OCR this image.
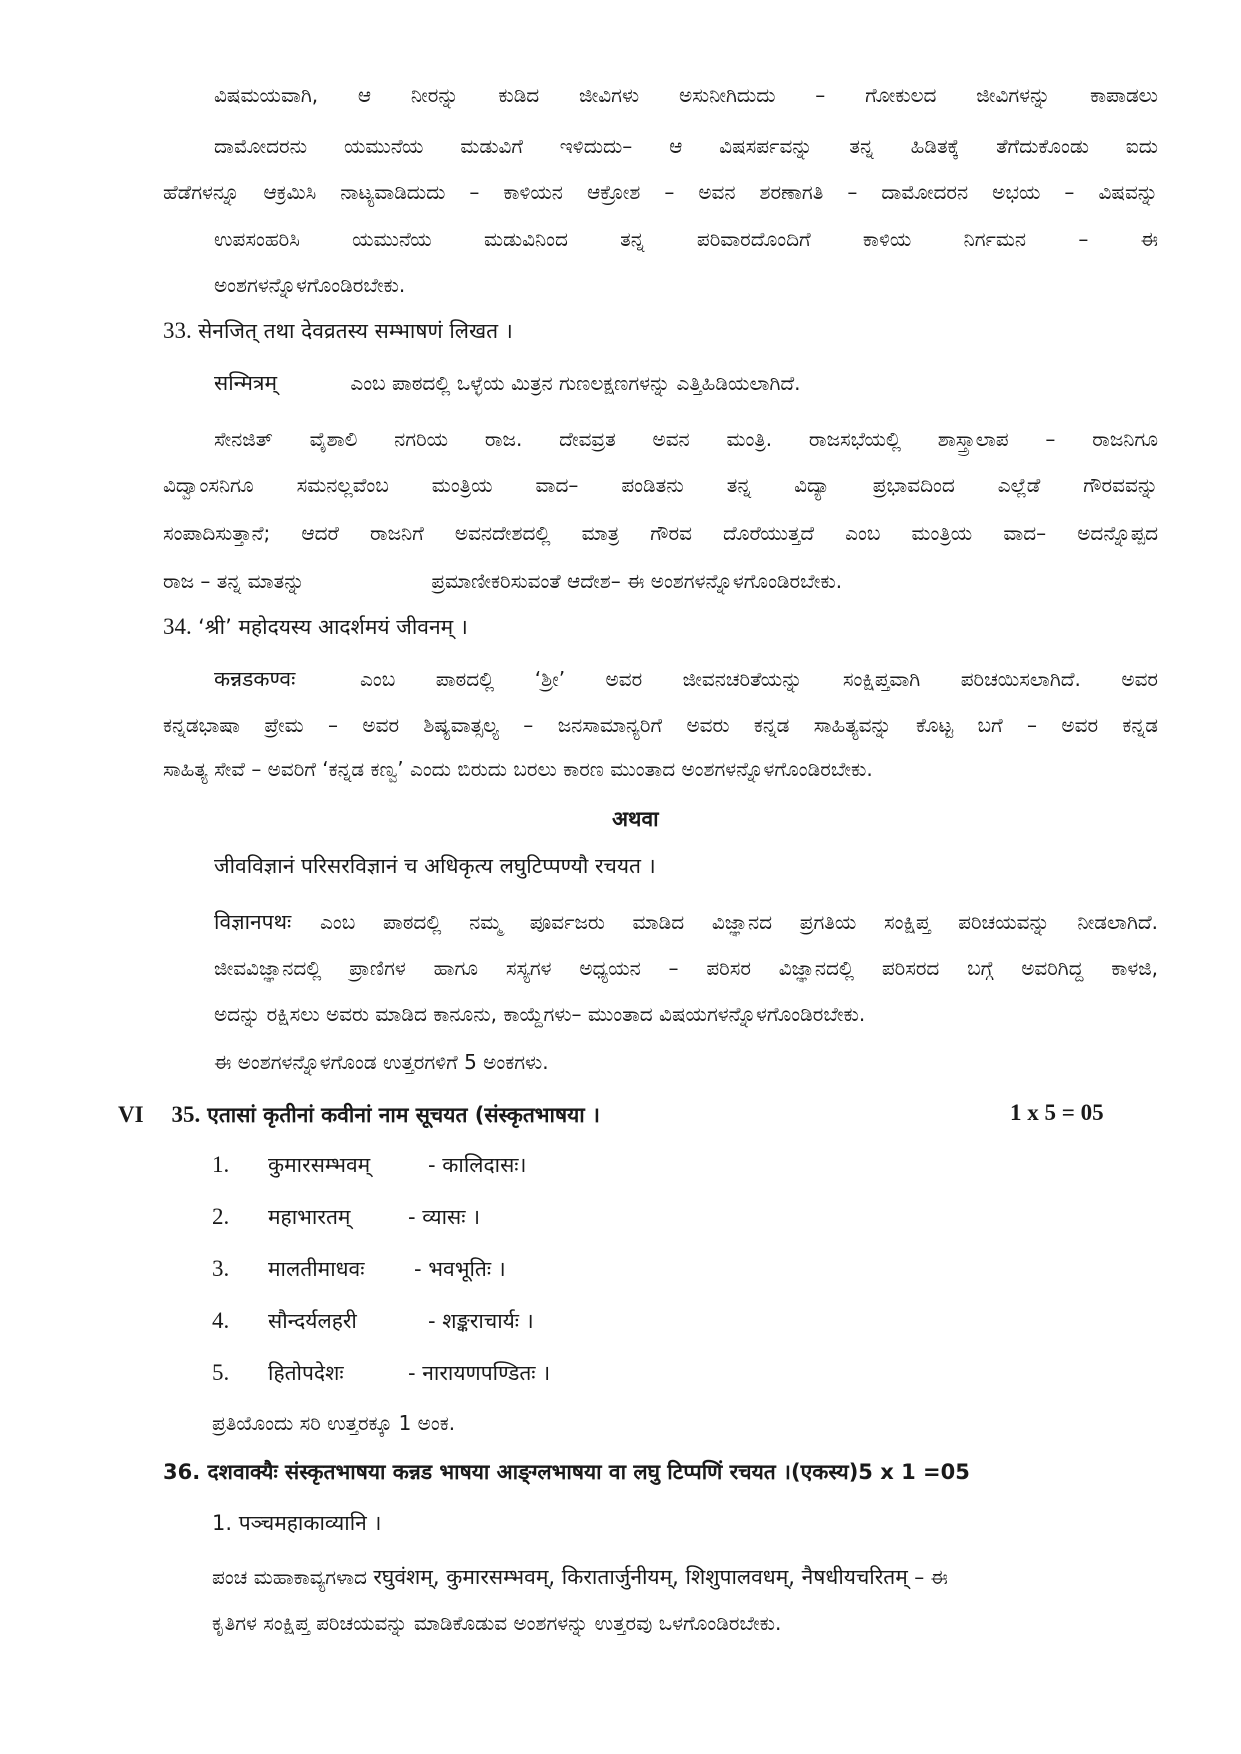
ವಿಷಮಯವಾಗಿ, ಆ ನೀರನ್ನು ಕುಡಿದ ಜೀವಿಗಳು ಅಸುನೀಗಿದುದು – ಗೋಕುಲದ ಜೀವಿಗಳನ್ನು ಕಾಪಾಡಲು
ದಾಮೋದರನು ಯಮುನೆಯ ಮಡುವಿಗೆ ಇಳಿದುದು– ಆ ವಿಷಸರ್ಪವನ್ನು ತನ್ನ ಹಿಡಿತಕ್ಕೆ ತೆಗೆದುಕೊಂಡು ಐದು
ಹೆಡೆಗಳನ್ನೂ ಆಕ್ರಮಿಸಿ ನಾಟ್ಯವಾಡಿದುದು – ಕಾಳಿಯನ ಆಕ್ರೋಶ – ಅವನ ಶರಣಾಗತಿ – ದಾಮೋದರನ ಅಭಯ – ವಿಷವನ್ನು
ಉಪಸಂಹರಿಸಿ ಯಮುನೆಯ ಮಡುವಿನಿಂದ ತನ್ನ ಪರಿವಾರದೊಂದಿಗೆ ಕಾಳಿಯ ನಿರ್ಗಮನ – ಈ
ಅಂಶಗಳನ್ನೊಳಗೊಂಡಿರಬೇಕು.
33. सेनजित् तथा देवव्रतस्य सम्भाषणं लिखत ।
सन्मित्रम्	ಎಂಬ ಪಾಠದಲ್ಲಿ ಒಳ್ಳೆಯ ಮಿತ್ರನ ಗುಣಲಕ್ಷಣಗಳನ್ನು ಎತ್ತಿಹಿಡಿಯಲಾಗಿದೆ.
ಸೇನಜಿತ್ ವೈಶಾಲಿ ನಗರಿಯ ರಾಜ. ದೇವವ್ರತ ಅವನ ಮಂತ್ರಿ. ರಾಜಸಭೆಯಲ್ಲಿ ಶಾಸ್ತ್ರಾಲಾಪ – ರಾಜನಿಗೂ
ವಿದ್ವಾಂಸನಿಗೂ ಸಮನಲ್ಲವೆಂಬ ಮಂತ್ರಿಯ ವಾದ– ಪಂಡಿತನು ತನ್ನ ವಿದ್ಯಾ ಪ್ರಭಾವದಿಂದ ಎಲ್ಲೆಡೆ ಗೌರವವನ್ನು
ಸಂಪಾದಿಸುತ್ತಾನೆ; ಆದರೆ ರಾಜನಿಗೆ ಅವನದೇಶದಲ್ಲಿ ಮಾತ್ರ ಗೌರವ ದೊರೆಯುತ್ತದೆ ಎಂಬ ಮಂತ್ರಿಯ ವಾದ– ಅದನ್ನೊಪ್ಪದ
ರಾಜ – ತನ್ನ ಮಾತನ್ನು	ಪ್ರಮಾಣೀಕರಿಸುವಂತೆ ಆದೇಶ– ಈ ಅಂಶಗಳನ್ನೊಳಗೊಂಡಿರಬೇಕು.
34. ‘श्री’ महोदयस्य आदर्शमयं जीवनम् ।
कन्नडकण्वः	ಎಂಬ ಪಾಠದಲ್ಲಿ ‘ಶ್ರೀ’ ಅವರ ಜೀವನಚರಿತೆಯನ್ನು ಸಂಕ್ಷಿಪ್ತವಾಗಿ ಪರಿಚಯಿಸಲಾಗಿದೆ. ಅವರ
ಕನ್ನಡಭಾಷಾ ಪ್ರೇಮ – ಅವರ ಶಿಷ್ಯವಾತ್ಸಲ್ಯ – ಜನಸಾಮಾನ್ಯರಿಗೆ ಅವರು ಕನ್ನಡ ಸಾಹಿತ್ಯವನ್ನು ಕೊಟ್ಟ ಬಗೆ – ಅವರ ಕನ್ನಡ
ಸಾಹಿತ್ಯ ಸೇವೆ – ಅವರಿಗೆ ‘ಕನ್ನಡ ಕಣ್ವ’ ಎಂದು ಬಿರುದು ಬರಲು ಕಾರಣ ಮುಂತಾದ ಅಂಶಗಳನ್ನೊಳಗೊಂಡಿರಬೇಕು.
अथवा
जीवविज्ञानं परिसरविज्ञानं च अधिकृत्य लघुटिप्पण्यौ रचयत ।
विज्ञानपथः	ಎಂಬ ಪಾಠದಲ್ಲಿ ನಮ್ಮ ಪೂರ್ವಜರು ಮಾಡಿದ ವಿಜ್ಞಾನದ ಪ್ರಗತಿಯ ಸಂಕ್ಷಿಪ್ತ ಪರಿಚಯವನ್ನು ನೀಡಲಾಗಿದೆ.
ಜೀವವಿಜ್ಞಾನದಲ್ಲಿ ಪ್ರಾಣಿಗಳ ಹಾಗೂ ಸಸ್ಯಗಳ ಅಧ್ಯಯನ – ಪರಿಸರ ವಿಜ್ಞಾನದಲ್ಲಿ ಪರಿಸರದ ಬಗ್ಗೆ ಅವರಿಗಿದ್ದ ಕಾಳಜಿ,
ಅದನ್ನು ರಕ್ಷಿಸಲು ಅವರು ಮಾಡಿದ ಕಾನೂನು, ಕಾಯ್ದೆಗಳು– ಮುಂತಾದ ವಿಷಯಗಳನ್ನೊಳಗೊಂಡಿರಬೇಕು.
ಈ ಅಂಶಗಳನ್ನೊಳಗೊಂಡ ಉತ್ತರಗಳಿಗೆ 5 ಅಂಕಗಳು.
VI 35. एतासां कृतीनां कवीनां नाम सूचयत (संस्कृतभाषया ।	1 x 5 = 05
1. कुमारसम्भवम्	- कालिदासः।
2. महाभारतम्	- व्यासः ।
3. मालतीमाधवः - भवभूतिः ।
4. सौन्दर्यलहरी	- शङ्कराचार्यः ।
5. हितोपदेशः	- नारायणपण्डितः ।
ಪ್ರತಿಯೊಂದು ಸರಿ ಉತ್ತರಕ್ಕೂ 1 ಅಂಕ.
36. दशवाक्यैः संस्कृतभाषया कन्नड भाषया आङ्ग्लभाषया वा लघु टिप्पणिं रचयत ।(एकस्य)5 x 1 =05
1. पञ्चमहाकाव्यानि ।
ಪಂಚ ಮಹಾಕಾವ್ಯಗಳಾದ रघुवंशम्, कुमारसम्भवम्, किरातार्जुनीयम्, शिशुपालवधम्, नैषधीयचरितम् – ಈ
ಕೃತಿಗಳ ಸಂಕ್ಷಿಪ್ತ ಪರಿಚಯವನ್ನು ಮಾಡಿಕೊಡುವ ಅಂಶಗಳನ್ನು ಉತ್ತರವು ಒಳಗೊಂಡಿರಬೇಕು.
